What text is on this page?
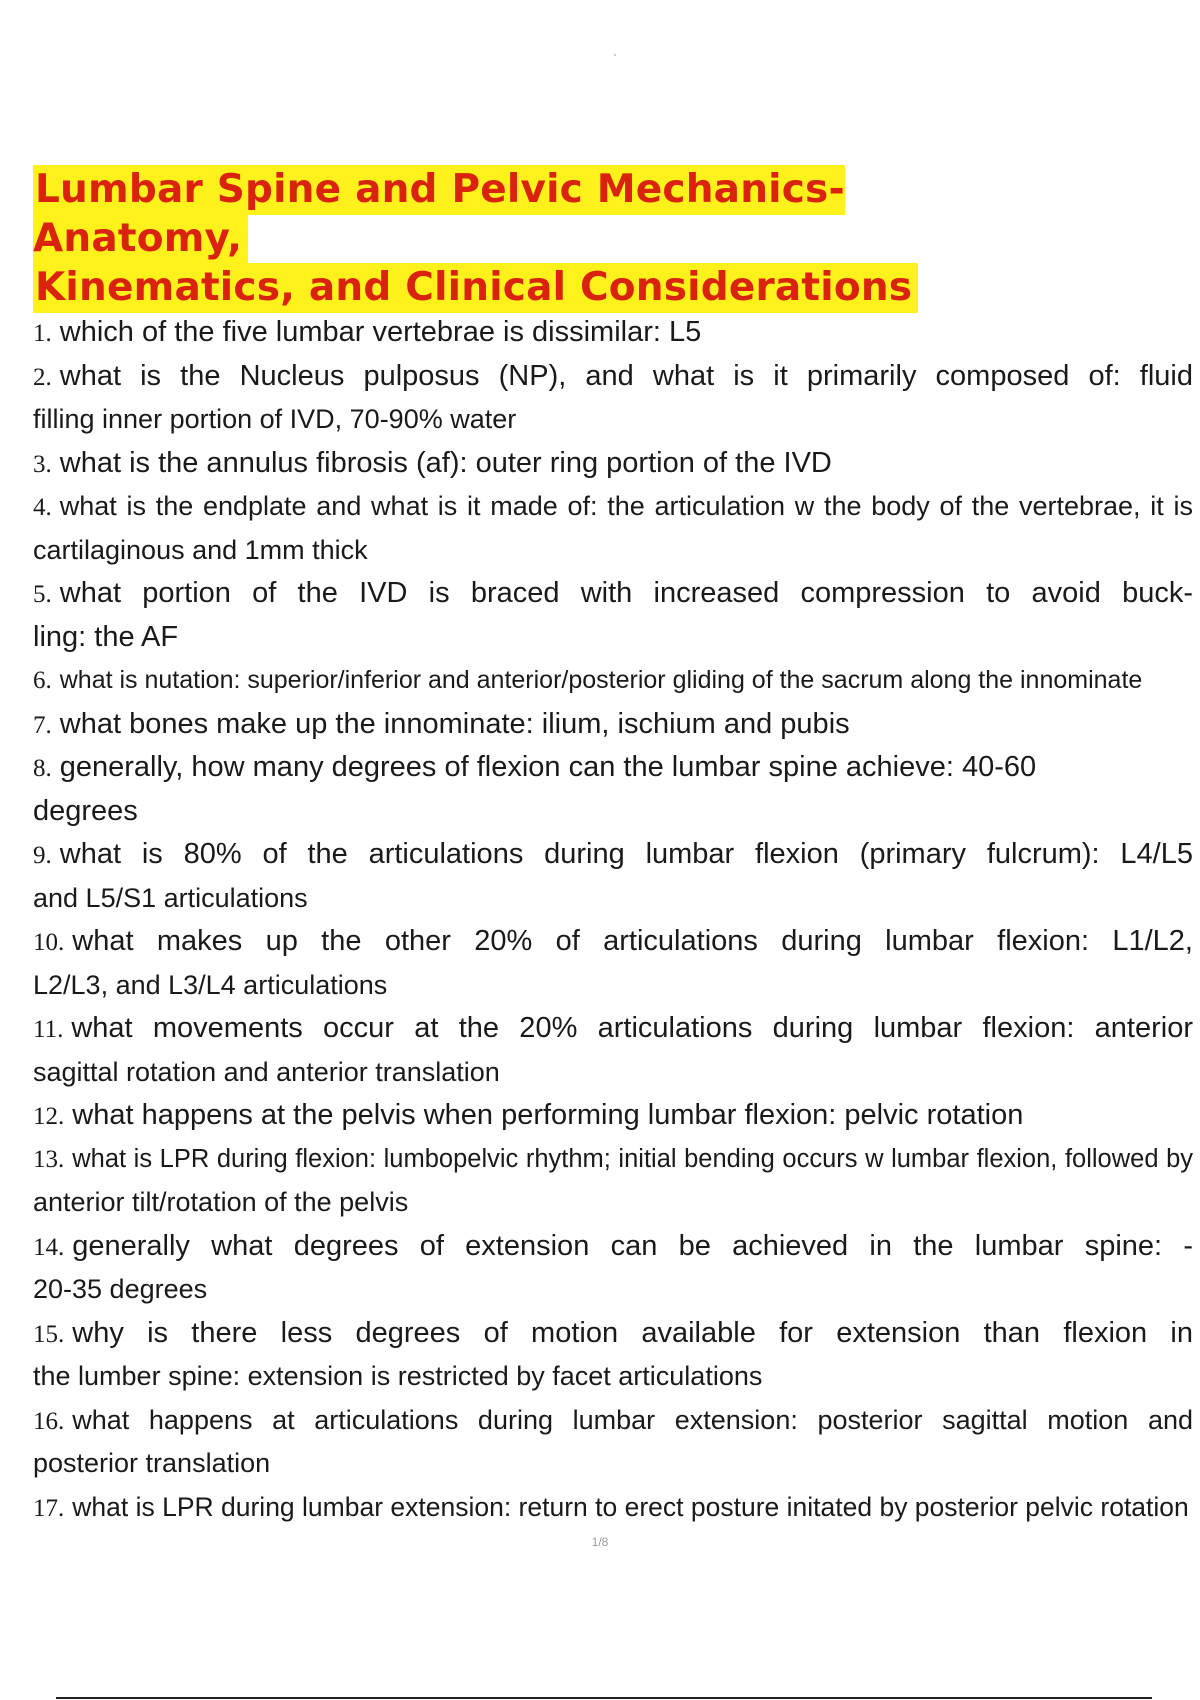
Lumbar Spine and Pelvic Mechanics- Anatomy,
Kinematics, and Clinical Considerations
1. which of the five lumbar vertebrae is dissimilar: L5
2. what is the Nucleus pulposus (NP), and what is it primarily composed of: fluid
filling inner portion of IVD, 70-90% water
3. what is the annulus fibrosis (af): outer ring portion of the IVD
4. what is the endplate and what is it made of: the articulation w the body of the vertebrae, it is
cartilaginous and 1mm thick
5. what portion of the IVD is braced with increased compression to avoid buck-
ling: the AF
6. what is nutation: superior/inferior and anterior/posterior gliding of the sacrum along the innominate
7. what bones make up the innominate: ilium, ischium and pubis
8. generally, how many degrees of flexion can the lumbar spine achieve: 40-60
degrees
9. what is 80% of the articulations during lumbar flexion (primary fulcrum): L4/L5
and L5/S1 articulations
10. what makes up the other 20% of articulations during lumbar flexion: L1/L2,
L2/L3, and L3/L4 articulations
11. what movements occur at the 20% articulations during lumbar flexion: anterior
sagittal rotation and anterior translation
12. what happens at the pelvis when performing lumbar flexion: pelvic rotation
13. what is LPR during flexion: lumbopelvic rhythm; initial bending occurs w lumbar flexion, followed by
anterior tilt/rotation of the pelvis
14. generally what degrees of extension can be achieved in the lumbar spine: -
20-35 degrees
15. why is there less degrees of motion available for extension than flexion in
the lumber spine: extension is restricted by facet articulations
16. what happens at articulations during lumbar extension: posterior sagittal motion and
posterior translation
17. what is LPR during lumbar extension: return to erect posture initated by posterior pelvic rotation
1/8
